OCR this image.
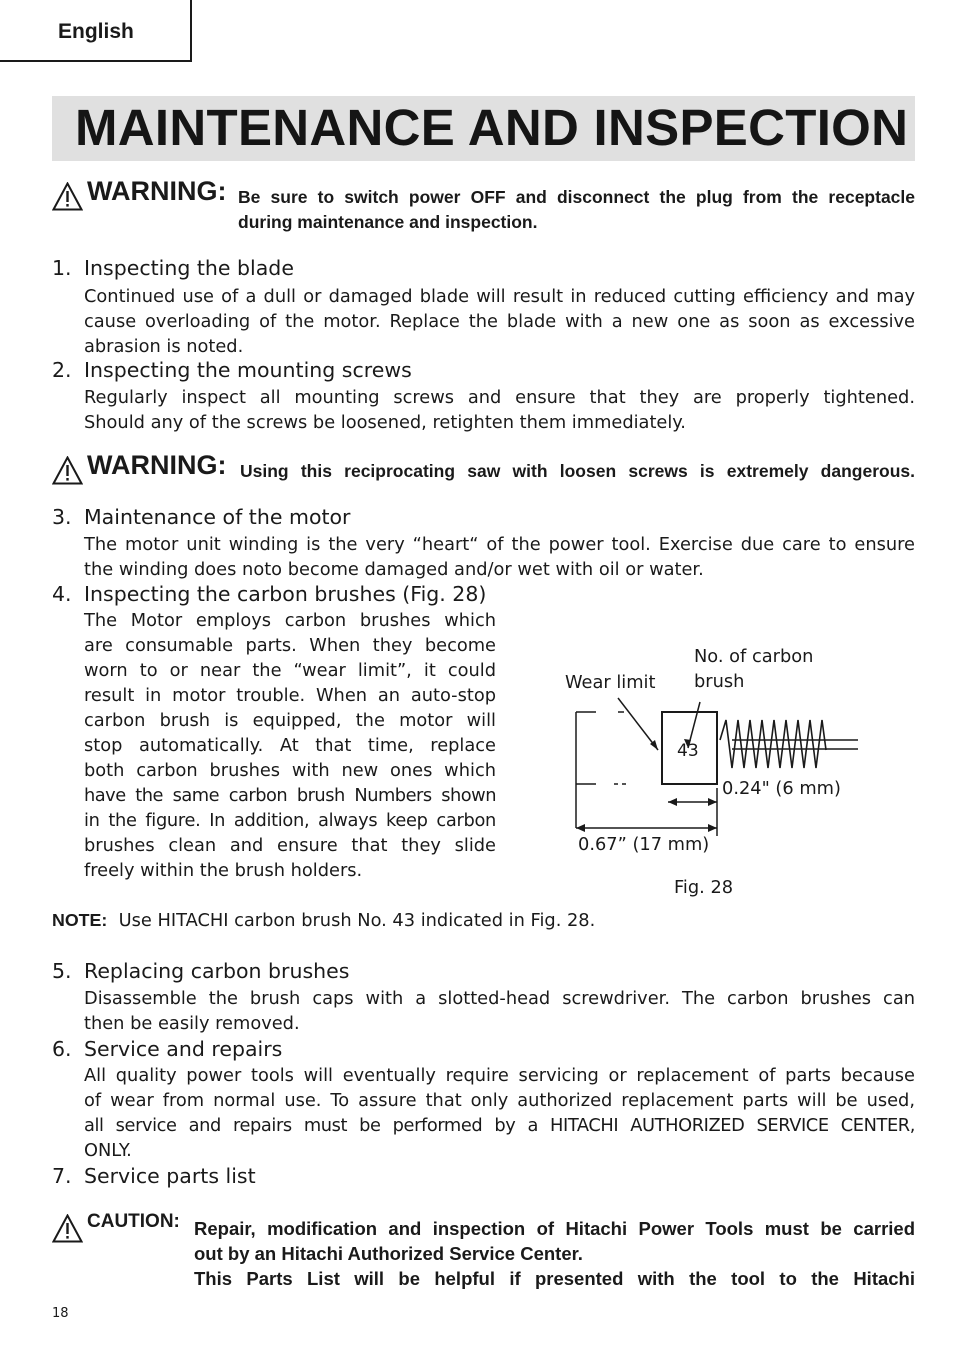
English
MAINTENANCE AND INSPECTION
WARNING: Be sure to switch power OFF and disconnect the plug from the receptacle
during maintenance and inspection.
1. Inspecting the blade
Continued use of a dull or damaged blade will result in reduced cutting efficiency and may
cause overloading of the motor. Replace the blade with a new one as soon as excessive
abrasion is noted.
2. Inspecting the mounting screws
Regularly inspect all mounting screws and ensure that they are properly tightened.
Should any of the screws be loosened, retighten them immediately.
WARNING: Using this reciprocating saw with loosen screws is extremely dangerous.
3. Maintenance of the motor
The motor unit winding is the very “heart“ of the power tool. Exercise due care to ensure
the winding does noto become damaged and/or wet with oil or water.
4. Inspecting the carbon brushes (Fig. 28)
The Motor employs carbon brushes which
are consumable parts. When they become
worn to or near the “wear limit”, it could
result in motor trouble. When an auto-stop
carbon brush is equipped, the motor will
stop automatically. At that time, replace
both carbon brushes with new ones which
have the same carbon brush Numbers shown
in the figure. In addition, always keep carbon
brushes clean and ensure that they slide
freely within the brush holders.
Wear limit
No. of carbon
brush
43
0.24" (6 mm)
0.67” (17 mm)
Fig. 28
NOTE: Use HITACHI carbon brush No. 43 indicated in Fig. 28.
5. Replacing carbon brushes
Disassemble the brush caps with a slotted-head screwdriver. The carbon brushes can
then be easily removed.
6. Service and repairs
All quality power tools will eventually require servicing or replacement of parts because
of wear from normal use. To assure that only authorized replacement parts will be used,
all service and repairs must be performed by a HITACHI AUTHORIZED SERVICE CENTER,
ONLY.
7. Service parts list
CAUTION: Repair, modification and inspection of Hitachi Power Tools must be carried
out by an Hitachi Authorized Service Center.
This Parts List will be helpful if presented with the tool to the Hitachi
18
